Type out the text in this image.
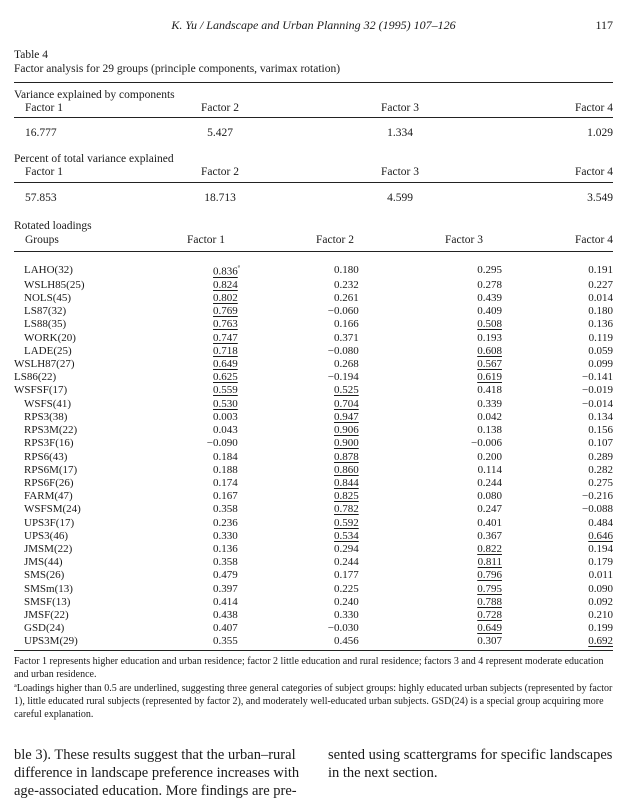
K. Yu / Landscape and Urban Planning 32 (1995) 107–126	117
Table 4
Factor analysis for 29 groups (principle components, varimax rotation)
Variance explained by components
Factor 1	Factor 2	Factor 3	Factor 4
16.777	5.427	1.334	1.029
Percent of total variance explained
Factor 1	Factor 2	Factor 3	Factor 4
57.853	18.713	4.599	3.549
Rotated loadings
Groups	Factor 1	Factor 2	Factor 3	Factor 4
LAHO(32)	$0.836^ª$	0.180	0.295	0.191
WSLH85(25)	0.824	0.232	0.278	0.227
NOLS(45)	0.802	0.261	0.439	0.014
LS87(32)	0.769	−0.060	0.409	0.180
LS88(35)	0.763	0.166	0.508	0.136
WORK(20)	0.747	0.371	0.193	0.119
LADE(25)	0.718	−0.080	0.608	0.059
WSLH87(27)	0.649	0.268	0.567	0.099
LS86(22)	0.625	−0.194	0.619	−0.141
WSFSF(17)	0.559	0.525	0.418	−0.019
WSFS(41)	0.530	0.704	0.339	−0.014
RPS3(38)	0.003	0.947	0.042	0.134
RPS3M(22)	0.043	0.906	0.138	0.156
RPS3F(16)	−0.090	0.900	−0.006	0.107
RPS6(43)	0.184	0.878	0.200	0.289
RPS6M(17)	0.188	0.860	0.114	0.282
RPS6F(26)	0.174	0.844	0.244	0.275
FARM(47)	0.167	0.825	0.080	−0.216
WSFSM(24)	0.358	0.782	0.247	−0.088
UPS3F(17)	0.236	0.592	0.401	0.484
UPS3(46)	0.330	0.534	0.367	0.646
JMSM(22)	0.136	0.294	0.822	0.194
JMS(44)	0.358	0.244	0.811	0.179
SMS(26)	0.479	0.177	0.796	0.011
SMSm(13)	0.397	0.225	0.795	0.090
SMSF(13)	0.414	0.240	0.788	0.092
JMSF(22)	0.438	0.330	0.728	0.210
GSD(24)	0.407	−0.030	0.649	0.199
UPS3M(29)	0.355	0.456	0.307	0.692
Factor 1 represents higher education and urban residence; factor 2 little education and rural residence; factors 3 and 4 represent moderate education and urban residence.
ªLoadings higher than 0.5 are underlined, suggesting three general categories of subject groups: highly educated urban subjects (represented by factor 1), little educated rural subjects (represented by factor 2), and moderately well-educated urban subjects. GSD(24) is a special group acquiring more careful explanation.
ble 3). These results suggest that the urban–rural difference in landscape preference increases with age-associated education. More findings are pre-
sented using scattergrams for specific landscapes in the next section.
